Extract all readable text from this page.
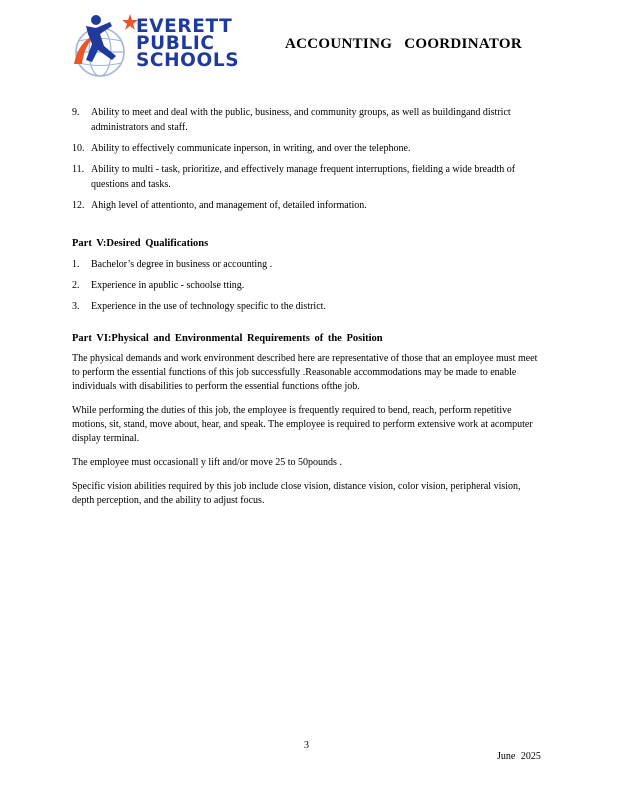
EVERETT
PUBLIC
SCHOOLS
ACCOUNTING COORDINATOR
9. Ability to meet and deal with the public, business, and community groups, as well as buildingand district administrators and staff.
10. Ability to effectively communicate inperson, in writing, and over the telephone.
11. Ability to multi - task, prioritize, and effectively manage frequent interruptions, fielding a wide breadth of questions and tasks.
12. Ahigh level of attentionto, and management of, detailed information.
Part V:Desired Qualifications
1. Bachelor’s degree in business or accounting .
2. Experience in apublic - schoolse tting.
3. Experience in the use of technology specific to the district.
Part VI:Physical and Environmental Requirements of the Position

The physical demands and work environment described here are representative of those that an employee must meet to perform the essential functions of this job successfully .Reasonable accommodations may be made to enable individuals with disabilities to perform the essential functions ofthe job.

While performing the duties of this job, the employee is frequently required to bend, reach, perform repetitive motions, sit, stand, move about, hear, and speak. The employee is required to perform extensive work at acomputer display terminal.

The employee must occasionall y lift and/or move 25 to 50pounds .

Specific vision abilities required by this job include close vision, distance vision, color vision, peripheral vision, depth perception, and the ability to adjust focus.

3
June 2025
